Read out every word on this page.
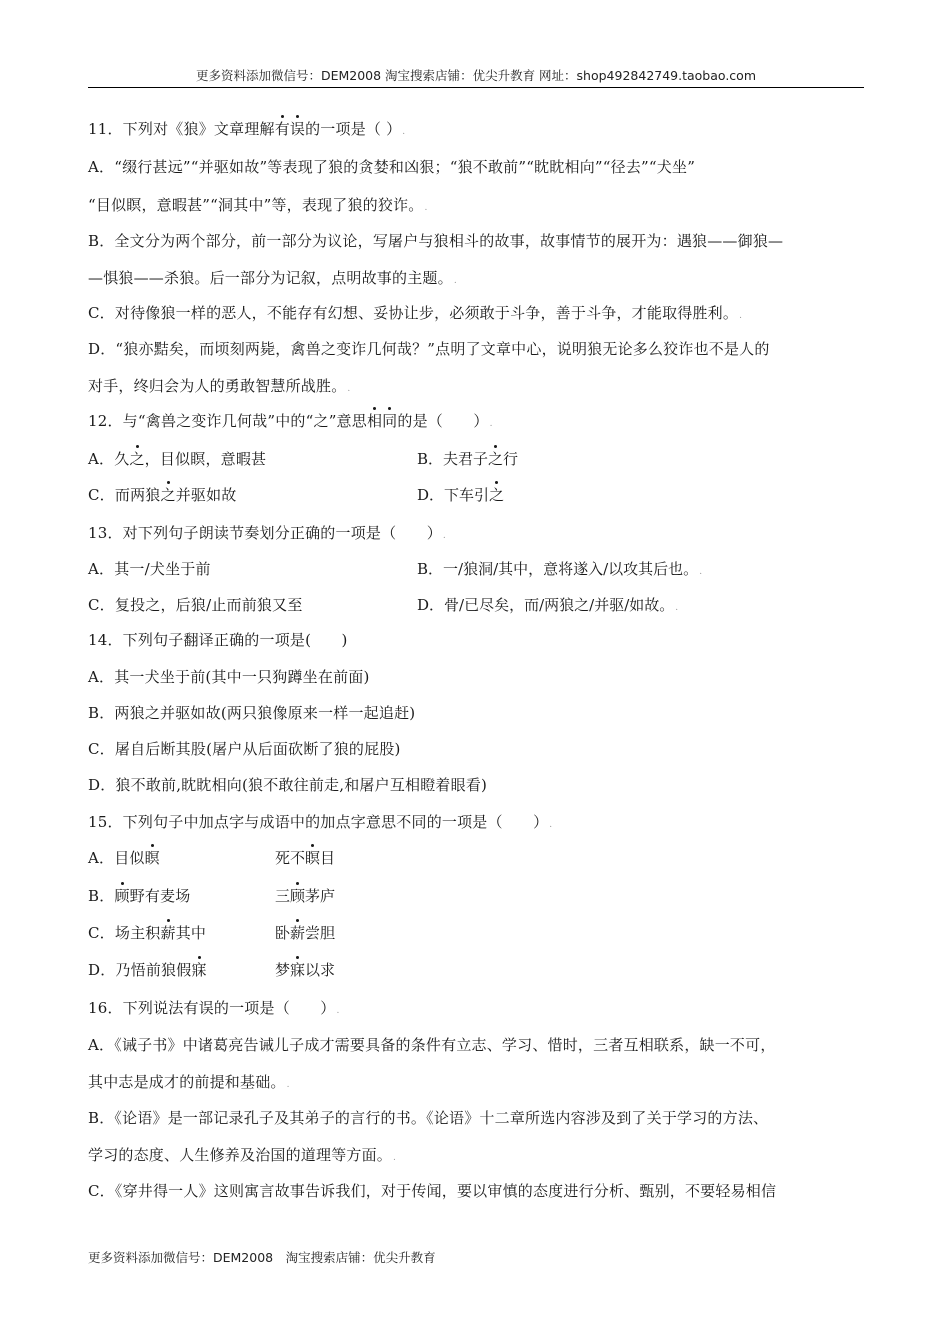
更多资料添加微信号：DEM2008 淘宝搜索店铺：优尖升教育 网址：shop492842749.taobao.com
11．下列对《狼》文章理解有误的一项是（ ）.
A．“缀行甚远”“并驱如故”等表现了狼的贪婪和凶狠；“狼不敢前”“眈眈相向”“径去”“犬坐”
“目似瞑，意暇甚”“洞其中”等，表现了狼的狡诈。.
B．全文分为两个部分，前一部分为议论，写屠户与狼相斗的故事，故事情节的展开为：遇狼——御狼—
—惧狼——杀狼。后一部分为记叙，点明故事的主题。.
C．对待像狼一样的恶人，不能存有幻想、妥协让步，必须敢于斗争，善于斗争，才能取得胜利。.
D．“狼亦黠矣，而顷刻两毙，禽兽之变诈几何哉？”点明了文章中心，说明狼无论多么狡诈也不是人的
对手，终归会为人的勇敢智慧所战胜。.
12．与“禽兽之变诈几何哉”中的“之”意思相同的是（　　）.
A．久之，目似瞑，意暇甚	B．夫君子之行
C．而两狼之并驱如故	D．下车引之
13．对下列句子朗读节奏划分正确的一项是（　　）.
A．其一/犬坐于前	B．一/狼洞/其中，意将遂入/以攻其后也。.
C．复投之，后狼/止而前狼又至	D．骨/已尽矣，而/两狼之/并驱/如故。.
14．下列句子翻译正确的一项是(　　)
A．其一犬坐于前(其中一只狗蹲坐在前面)
B．两狼之并驱如故(两只狼像原来一样一起追赶)
C．屠自后断其股(屠户从后面砍断了狼的屁股)
D．狼不敢前,眈眈相向(狼不敢往前走,和屠户互相瞪着眼看)
15．下列句子中加点字与成语中的加点字意思不同的一项是（　　）.
A．目似瞑	死不瞑目
B．顾野有麦场	三顾茅庐
C．场主积薪其中	卧薪尝胆
D．乃悟前狼假寐	梦寐以求
16．下列说法有误的一项是（　　）.
A．《诫子书》中诸葛亮告诫儿子成才需要具备的条件有立志、学习、惜时，三者互相联系，缺一不可，
其中志是成才的前提和基础。.
B．《论语》是一部记录孔子及其弟子的言行的书。《论语》十二章所选内容涉及到了关于学习的方法、
学习的态度、人生修养及治国的道理等方面。.
C．《穿井得一人》这则寓言故事告诉我们，对于传闻，要以审慎的态度进行分析、甄别，不要轻易相信
更多资料添加微信号：DEM2008　淘宝搜索店铺：优尖升教育
